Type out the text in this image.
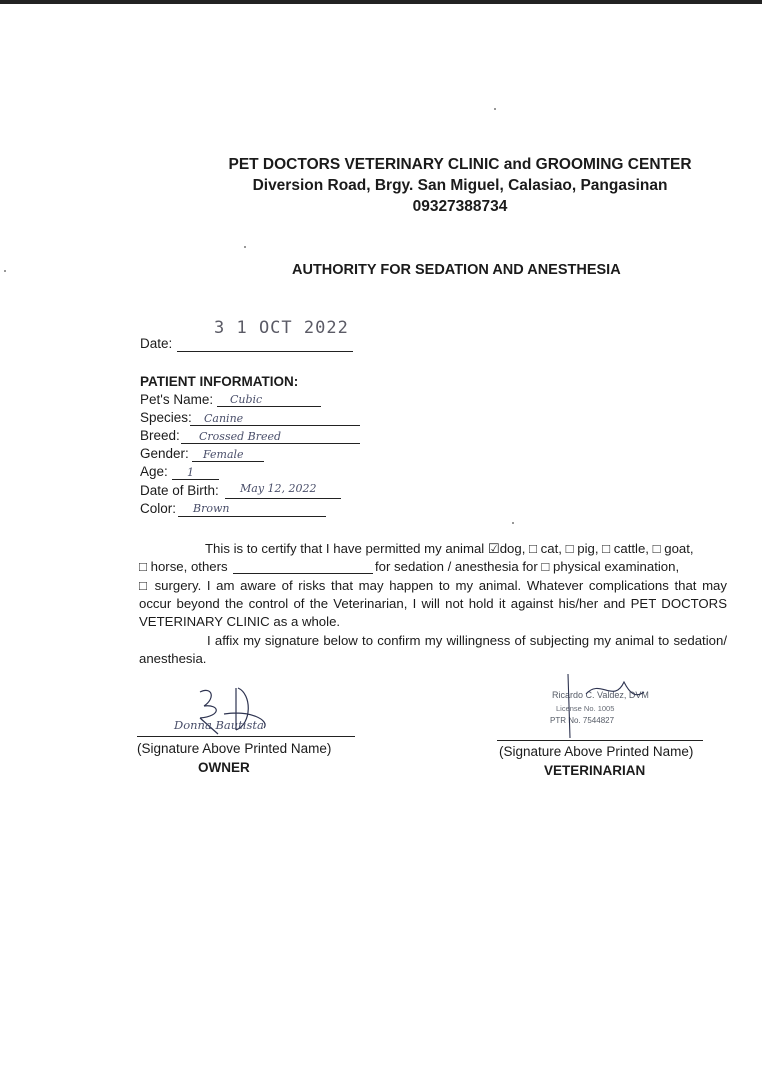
PET DOCTORS VETERINARY CLINIC and GROOMING CENTER
Diversion Road, Brgy. San Miguel, Calasiao, Pangasinan
09327388734
AUTHORITY FOR SEDATION AND ANESTHESIA
3 1 OCT 2022
Date:
PATIENT INFORMATION:
Pet's Name: Cubic
Species: Canine
Breed: Crossed Breed
Gender: Female
Age: 1
Date of Birth: May 12, 2022
Color: Brown
This is to certify that I have permitted my animal ☑dog, □ cat, □ pig, □ cattle, □ goat,
□ horse, others	for sedation / anesthesia for □ physical examination,
□ surgery. I am aware of risks that may happen to my animal. Whatever complications that may occur beyond the control of the Veterinarian, I will not hold it against his/her and PET DOCTORS VETERINARY CLINIC as a whole.
I affix my signature below to confirm my willingness of subjecting my animal to sedation/ anesthesia.
Donna Bautista
(Signature Above Printed Name)
OWNER
Ricardo C. Valdez, DVM
License No. 1005
PTR No. 7544827
(Signature Above Printed Name)
VETERINARIAN
